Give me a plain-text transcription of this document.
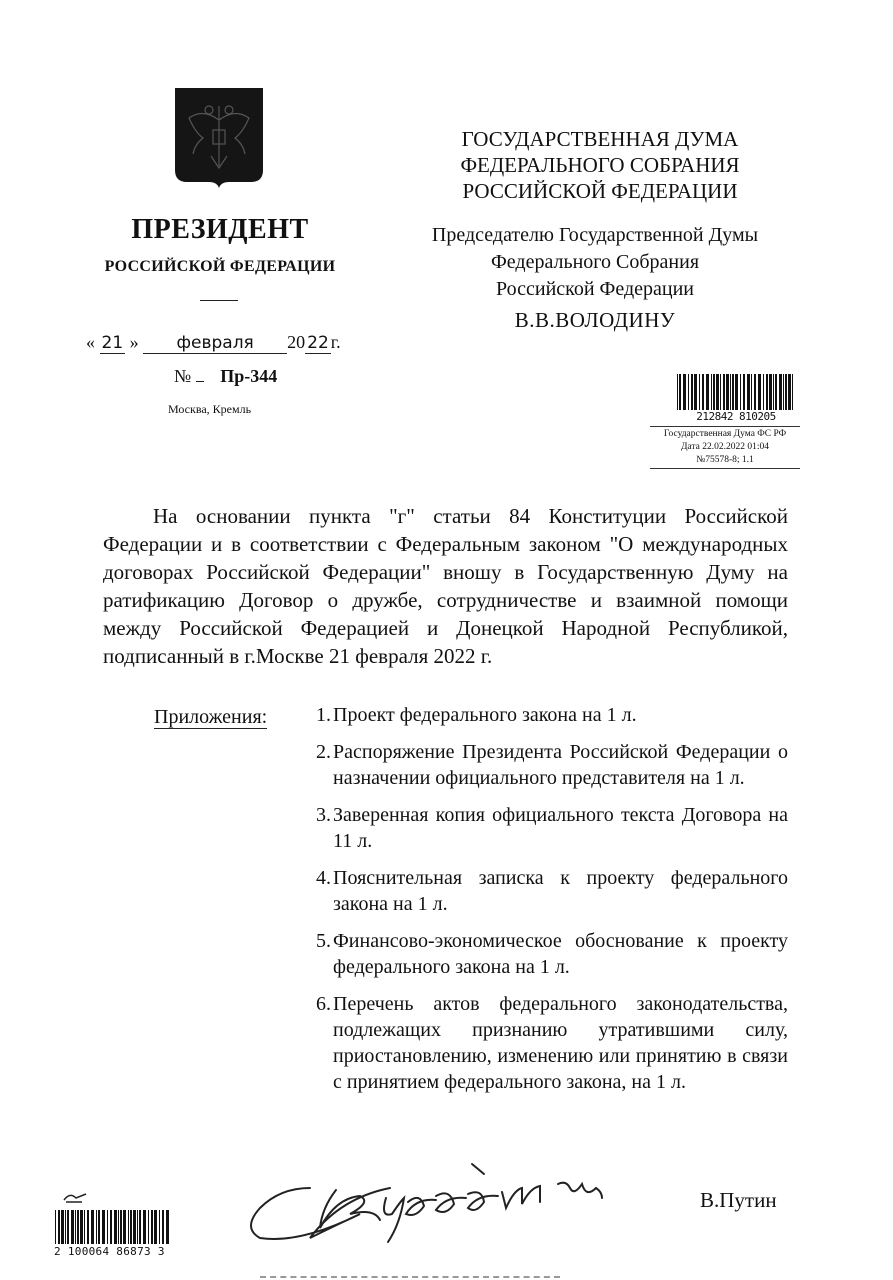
ПРЕЗИДЕНТ
РОССИЙСКОЙ ФЕДЕРАЦИИ
« 21 » февраля 20 22 г.
№ Пр-344
Москва, Кремль
ГОСУДАРСТВЕННАЯ ДУМА
ФЕДЕРАЛЬНОГО СОБРАНИЯ
РОССИЙСКОЙ ФЕДЕРАЦИИ
Председателю Государственной Думы
Федерального Собрания
Российской Федерации
В.В.ВОЛОДИНУ
212842 810205
Государственная Дума ФС РФ
Дата 22.02.2022 01:04
№75578-8; 1.1
На основании пункта "г" статьи 84 Конституции Российской Федерации и в соответствии с Федеральным законом "О международных договорах Российской Федерации" вношу в Государственную Думу на ратификацию Договор о дружбе, сотрудничестве и взаимной помощи между Российской Федерацией и Донецкой Народной Республикой, подписанный в г.Москве 21 февраля 2022 г.
Приложения:	1. Проект федерального закона на 1 л.
2. Распоряжение Президента Российской Федерации о назначении официального представителя на 1 л.
3. Заверенная копия официального текста Договора на 11 л.
4. Пояснительная записка к проекту федерального закона на 1 л.
5. Финансово-экономическое обоснование к проекту федерального закона на 1 л.
6. Перечень актов федерального законодательства, подлежащих признанию утратившими силу, приостановлению, изменению или принятию в связи с принятием федерального закона, на 1 л.
В.Путин
2 100064 86873 3
